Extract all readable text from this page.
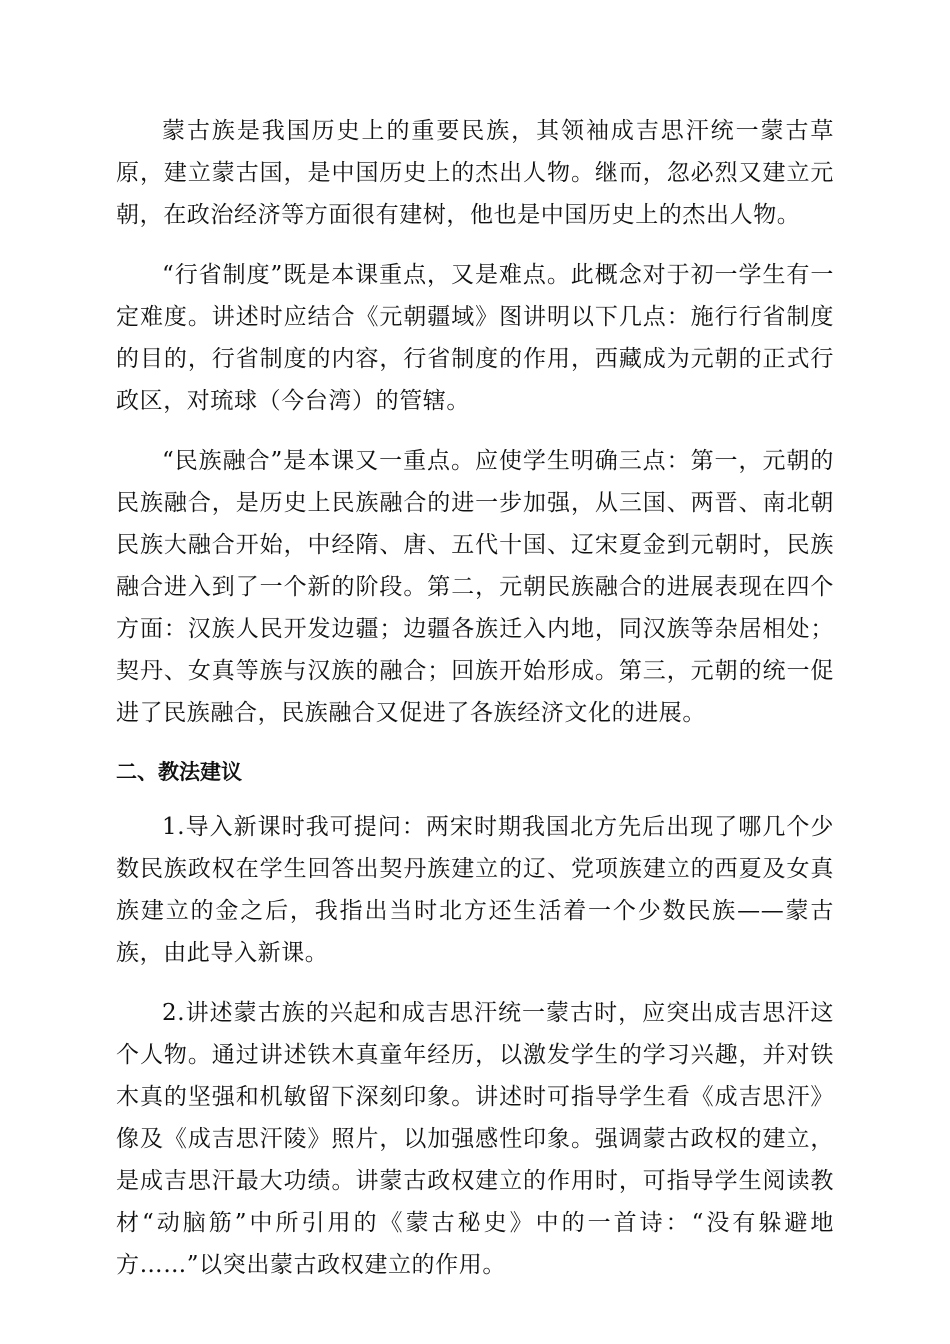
蒙古族是我国历史上的重要民族，其领袖成吉思汗统一蒙古草原，建立蒙古国，是中国历史上的杰出人物。继而，忽必烈又建立元朝，在政治经济等方面很有建树，他也是中国历史上的杰出人物。

“行省制度”既是本课重点，又是难点。此概念对于初一学生有一定难度。讲述时应结合《元朝疆域》图讲明以下几点：施行行省制度的目的，行省制度的内容，行省制度的作用，西藏成为元朝的正式行政区，对琉球（今台湾）的管辖。

“民族融合”是本课又一重点。应使学生明确三点：第一，元朝的民族融合，是历史上民族融合的进一步加强，从三国、两晋、南北朝民族大融合开始，中经隋、唐、五代十国、辽宋夏金到元朝时，民族融合进入到了一个新的阶段。第二，元朝民族融合的进展表现在四个方面：汉族人民开发边疆；边疆各族迁入内地，同汉族等杂居相处；契丹、女真等族与汉族的融合；回族开始形成。第三，元朝的统一促进了民族融合，民族融合又促进了各族经济文化的进展。

二、教法建议

1.导入新课时我可提问：两宋时期我国北方先后出现了哪几个少数民族政权在学生回答出契丹族建立的辽、党项族建立的西夏及女真族建立的金之后，我指出当时北方还生活着一个少数民族——蒙古族，由此导入新课。

2.讲述蒙古族的兴起和成吉思汗统一蒙古时，应突出成吉思汗这个人物。通过讲述铁木真童年经历，以激发学生的学习兴趣，并对铁木真的坚强和机敏留下深刻印象。讲述时可指导学生看《成吉思汗》像及《成吉思汗陵》照片，以加强感性印象。强调蒙古政权的建立，是成吉思汗最大功绩。讲蒙古政权建立的作用时，可指导学生阅读教材“动脑筋”中所引用的《蒙古秘史》中的一首诗：“没有躲避地方……”以突出蒙古政权建立的作用。
